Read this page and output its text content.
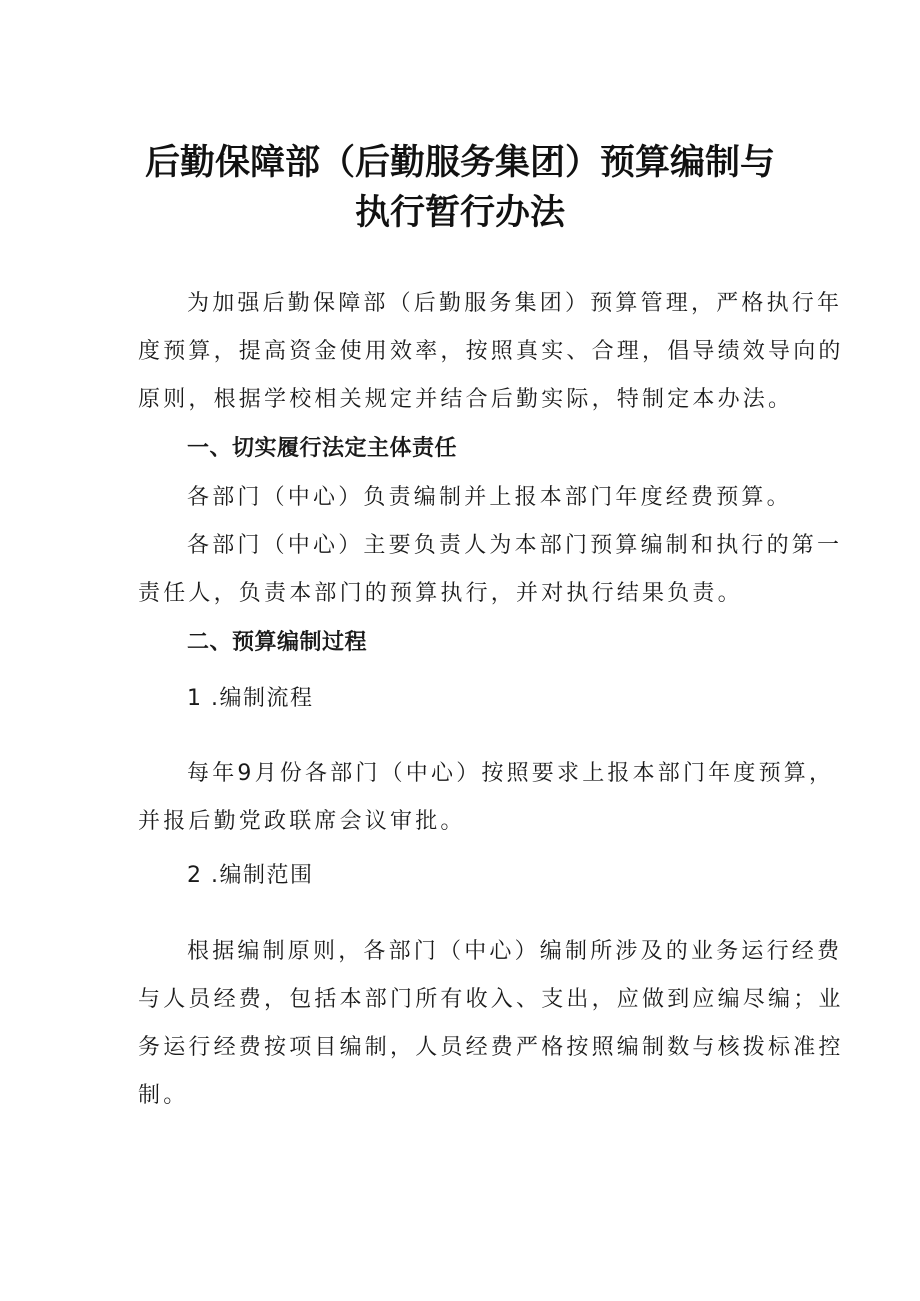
后勤保障部（后勤服务集团）预算编制与
执行暂行办法
为加强后勤保障部（后勤服务集团）预算管理，严格执行年
度预算，提高资金使用效率，按照真实、合理，倡导绩效导向的
原则，根据学校相关规定并结合后勤实际，特制定本办法。
一、切实履行法定主体责任
各部门（中心）负责编制并上报本部门年度经费预算。
各部门（中心）主要负责人为本部门预算编制和执行的第一
责任人，负责本部门的预算执行，并对执行结果负责。
二、预算编制过程
1 .编制流程
每年9月份各部门（中心）按照要求上报本部门年度预算，
并报后勤党政联席会议审批。
2 .编制范围
根据编制原则，各部门（中心）编制所涉及的业务运行经费
与人员经费，包括本部门所有收入、支出，应做到应编尽编；业
务运行经费按项目编制，人员经费严格按照编制数与核拨标准控
制。
